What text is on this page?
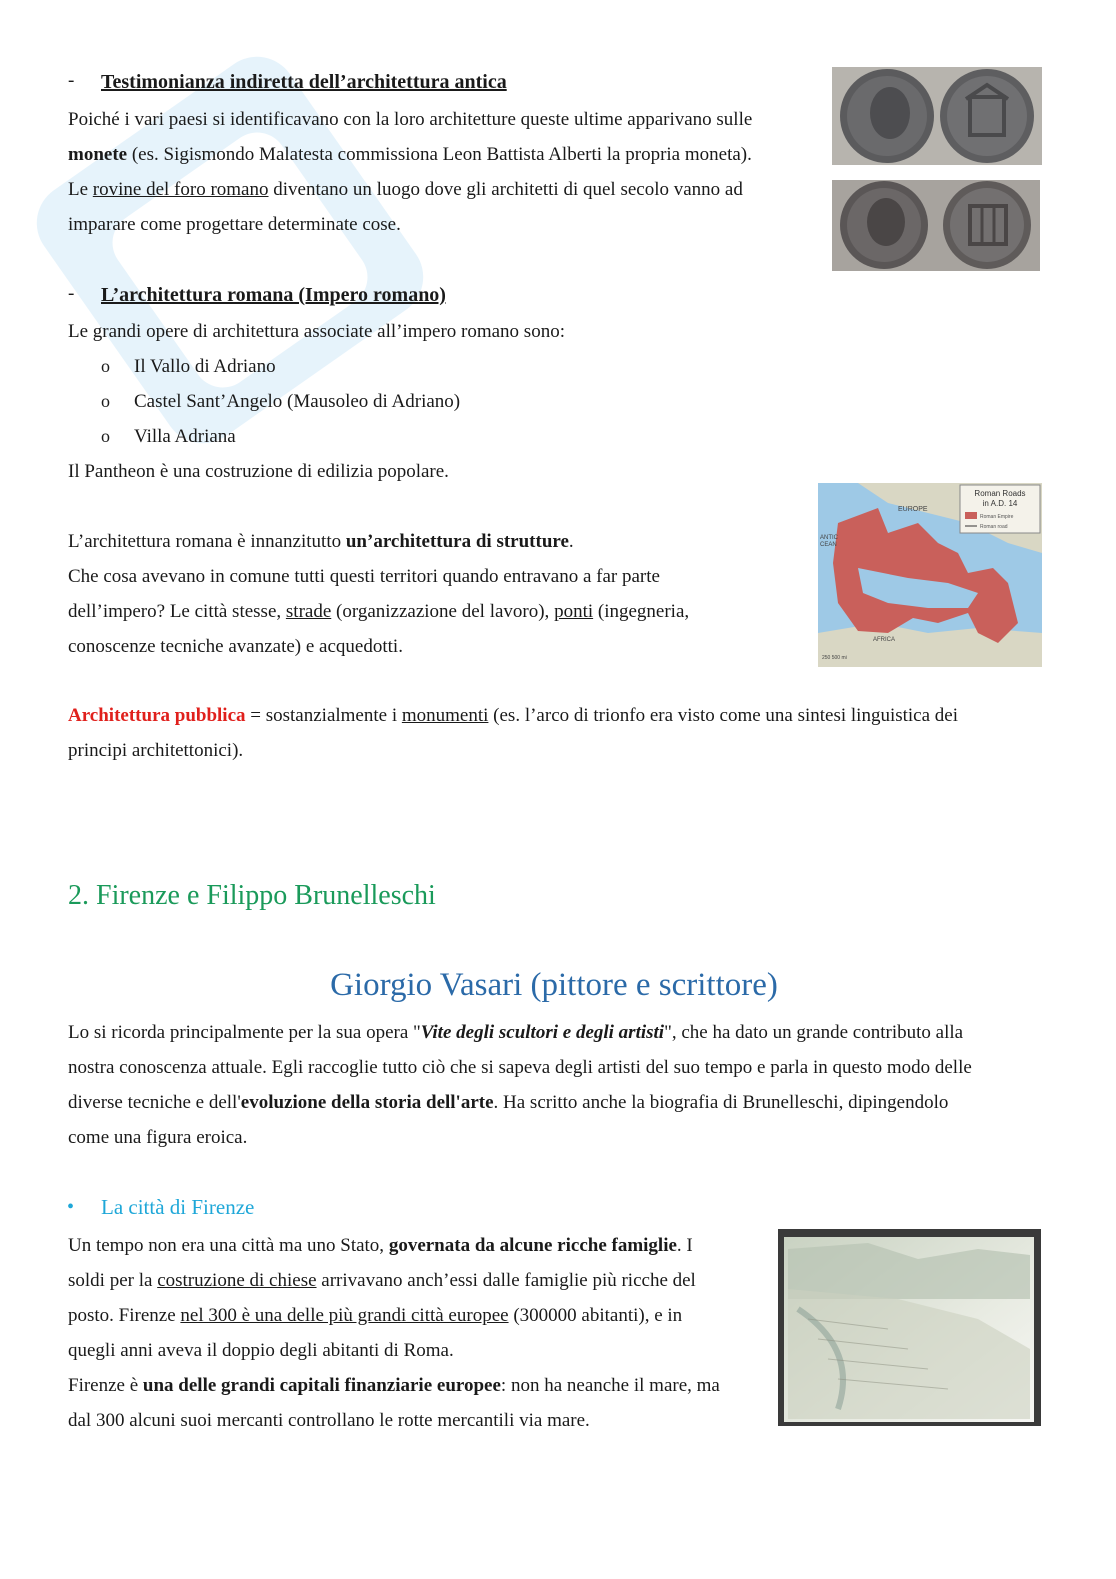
- Testimonianza indiretta dell’architettura antica
Poiché i vari paesi si identificavano con la loro architetture queste ultime apparivano sulle
monete (es. Sigismondo Malatesta commissiona Leon Battista Alberti la propria moneta).
Le rovine del foro romano diventano un luogo dove gli architetti di quel secolo vanno ad
imparare come progettare determinate cose.
- L’architettura romana (Impero romano)
Le grandi opere di architettura associate all’impero romano sono:
o Il Vallo di Adriano
o Castel Sant’Angelo (Mausoleo di Adriano)
o Villa Adriana
Il Pantheon è una costruzione di edilizia popolare.
L’architettura romana è innanzitutto un’architettura di strutture.
Che cosa avevano in comune tutti questi territori quando entravano a far parte
dell’impero? Le città stesse, strade (organizzazione del lavoro), ponti (ingegneria,
conoscenze tecniche avanzate) e acquedotti.
Roman Roads
in A.D. 14
Roman Empire
Roman road
EUROPE
ANTIC
CEAN
AFRICA
250 500 mi
Architettura pubblica = sostanzialmente i monumenti (es. l’arco di trionfo era visto come una sintesi linguistica dei
principi architettonici).
2. Firenze e Filippo Brunelleschi
Giorgio Vasari (pittore e scrittore)
Lo si ricorda principalmente per la sua opera "Vite degli scultori e degli artisti", che ha dato un grande contributo alla
nostra conoscenza attuale. Egli raccoglie tutto ciò che si sapeva degli artisti del suo tempo e parla in questo modo delle
diverse tecniche e dell'evoluzione della storia dell'arte. Ha scritto anche la biografia di Brunelleschi, dipingendolo
come una figura eroica.
• La città di Firenze
Un tempo non era una città ma uno Stato, governata da alcune ricche famiglie. I
soldi per la costruzione di chiese arrivavano anch’essi dalle famiglie più ricche del
posto. Firenze nel 300 è una delle più grandi città europee (300000 abitanti), e in
quegli anni aveva il doppio degli abitanti di Roma.
Firenze è una delle grandi capitali finanziarie europee: non ha neanche il mare, ma
dal 300 alcuni suoi mercanti controllano le rotte mercantili via mare.
